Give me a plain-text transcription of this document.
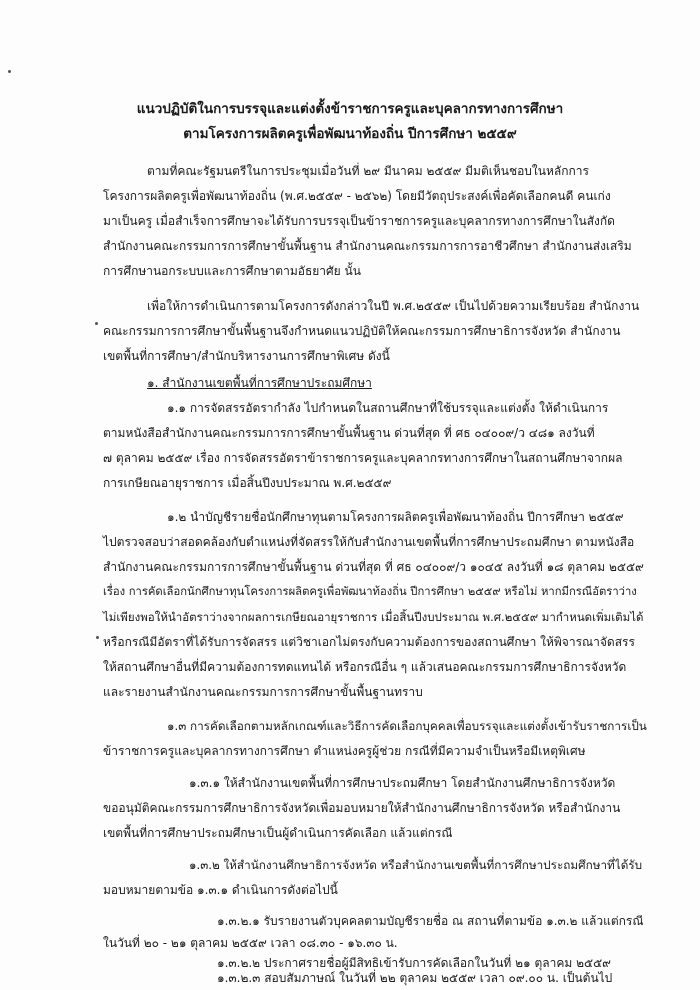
แนวปฏิบัติในการบรรจุและแต่งตั้งข้าราชการครูและบุคลากรทางการศึกษา
ตามโครงการผลิตครูเพื่อพัฒนาท้องถิ่น ปีการศึกษา ๒๕๕๙
ตามที่คณะรัฐมนตรีในการประชุมเมื่อวันที่ ๒๙ มีนาคม ๒๕๕๙ มีมติเห็นชอบในหลักการ
โครงการผลิตครูเพื่อพัฒนาท้องถิ่น (พ.ศ.๒๕๕๙ - ๒๕๖๒) โดยมีวัตถุประสงค์เพื่อคัดเลือกคนดี คนเก่ง
มาเป็นครู เมื่อสำเร็จการศึกษาจะได้รับการบรรจุเป็นข้าราชการครูและบุคลากรทางการศึกษาในสังกัด
สำนักงานคณะกรรมการการศึกษาขั้นพื้นฐาน สำนักงานคณะกรรมการการอาชีวศึกษา สำนักงานส่งเสริม
การศึกษานอกระบบและการศึกษาตามอัธยาศัย นั้น
เพื่อให้การดำเนินการตามโครงการดังกล่าวในปี พ.ศ.๒๕๕๙ เป็นไปด้วยความเรียบร้อย สำนักงาน
คณะกรรมการการศึกษาขั้นพื้นฐานจึงกำหนดแนวปฏิบัติให้คณะกรรมการศึกษาธิการจังหวัด สำนักงาน
เขตพื้นที่การศึกษา/สำนักบริหารงานการศึกษาพิเศษ ดังนี้
๑. สำนักงานเขตพื้นที่การศึกษาประถมศึกษา
๑.๑ การจัดสรรอัตรากำลัง ไปกำหนดในสถานศึกษาที่ใช้บรรจุและแต่งตั้ง ให้ดำเนินการ
ตามหนังสือสำนักงานคณะกรรมการการศึกษาขั้นพื้นฐาน ด่วนที่สุด ที่ ศธ ๐๔๐๐๙/ว ๔๘๑ ลงวันที่
๗ ตุลาคม ๒๕๕๙ เรื่อง การจัดสรรอัตราข้าราชการครูและบุคลากรทางการศึกษาในสถานศึกษาจากผล
การเกษียณอายุราชการ เมื่อสิ้นปีงบประมาณ พ.ศ.๒๕๕๙
๑.๒ นำบัญชีรายชื่อนักศึกษาทุนตามโครงการผลิตครูเพื่อพัฒนาท้องถิ่น ปีการศึกษา ๒๕๕๙
ไปตรวจสอบว่าสอดคล้องกับตำแหน่งที่จัดสรรให้กับสำนักงานเขตพื้นที่การศึกษาประถมศึกษา ตามหนังสือ
สำนักงานคณะกรรมการการศึกษาขั้นพื้นฐาน ด่วนที่สุด ที่ ศธ ๐๔๐๐๙/ว ๑๐๔๕ ลงวันที่ ๑๘ ตุลาคม ๒๕๕๙
เรื่อง การคัดเลือกนักศึกษาทุนโครงการผลิตครูเพื่อพัฒนาท้องถิ่น ปีการศึกษา ๒๕๕๙ หรือไม่ หากมีกรณีอัตราว่าง
ไม่เพียงพอให้นำอัตราว่างจากผลการเกษียณอายุราชการ เมื่อสิ้นปีงบประมาณ พ.ศ.๒๕๕๙ มากำหนดเพิ่มเติมได้
หรือกรณีมีอัตราที่ได้รับการจัดสรร แต่วิชาเอกไม่ตรงกับความต้องการของสถานศึกษา ให้พิจารณาจัดสรร
ให้สถานศึกษาอื่นที่มีความต้องการทดแทนได้ หรือกรณีอื่น ๆ แล้วเสนอคณะกรรมการศึกษาธิการจังหวัด
และรายงานสำนักงานคณะกรรมการการศึกษาขั้นพื้นฐานทราบ
๑.๓ การคัดเลือกตามหลักเกณฑ์และวิธีการคัดเลือกบุคคลเพื่อบรรจุและแต่งตั้งเข้ารับราชการเป็น
ข้าราชการครูและบุคลากรทางการศึกษา ตำแหน่งครูผู้ช่วย กรณีที่มีความจำเป็นหรือมีเหตุพิเศษ
๑.๓.๑ ให้สำนักงานเขตพื้นที่การศึกษาประถมศึกษา โดยสำนักงานศึกษาธิการจังหวัด
ขออนุมัติคณะกรรมการศึกษาธิการจังหวัดเพื่อมอบหมายให้สำนักงานศึกษาธิการจังหวัด หรือสำนักงาน
เขตพื้นที่การศึกษาประถมศึกษาเป็นผู้ดำเนินการคัดเลือก แล้วแต่กรณี
๑.๓.๒ ให้สำนักงานศึกษาธิการจังหวัด หรือสำนักงานเขตพื้นที่การศึกษาประถมศึกษาที่ได้รับ
มอบหมายตามข้อ ๑.๓.๑ ดำเนินการดังต่อไปนี้
๑.๓.๒.๑ รับรายงานตัวบุคคลตามบัญชีรายชื่อ ณ สถานที่ตามข้อ ๑.๓.๒ แล้วแต่กรณี
ในวันที่ ๒๐ - ๒๑ ตุลาคม ๒๕๕๙ เวลา ๐๘.๓๐ - ๑๖.๓๐ น.
๑.๓.๒.๒ ประกาศรายชื่อผู้มีสิทธิเข้ารับการคัดเลือกในวันที่ ๒๑ ตุลาคม ๒๕๕๙
๑.๓.๒.๓ สอบสัมภาษณ์ ในวันที่ ๒๒ ตุลาคม ๒๕๕๙ เวลา ๐๙.๐๐ น. เป็นต้นไป
